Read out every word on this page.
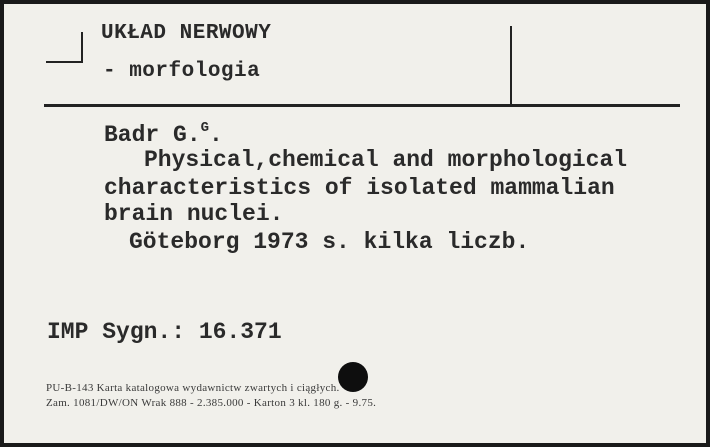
UKŁAD NERWOWY
- morfologia
Badr G.$^G$.
Physical,chemical and morphological
characteristics of isolated mammalian
brain nuclei.
Göteborg 1973 s. kilka liczb.
IMP Sygn.: 16.371
PU-B-143 Karta katalogowa wydawnictw zwartych i ciągłych.
Zam. 1081/DW/ON Wrak 888 - 2.385.000 - Karton 3 kl. 180 g. - 9.75.
